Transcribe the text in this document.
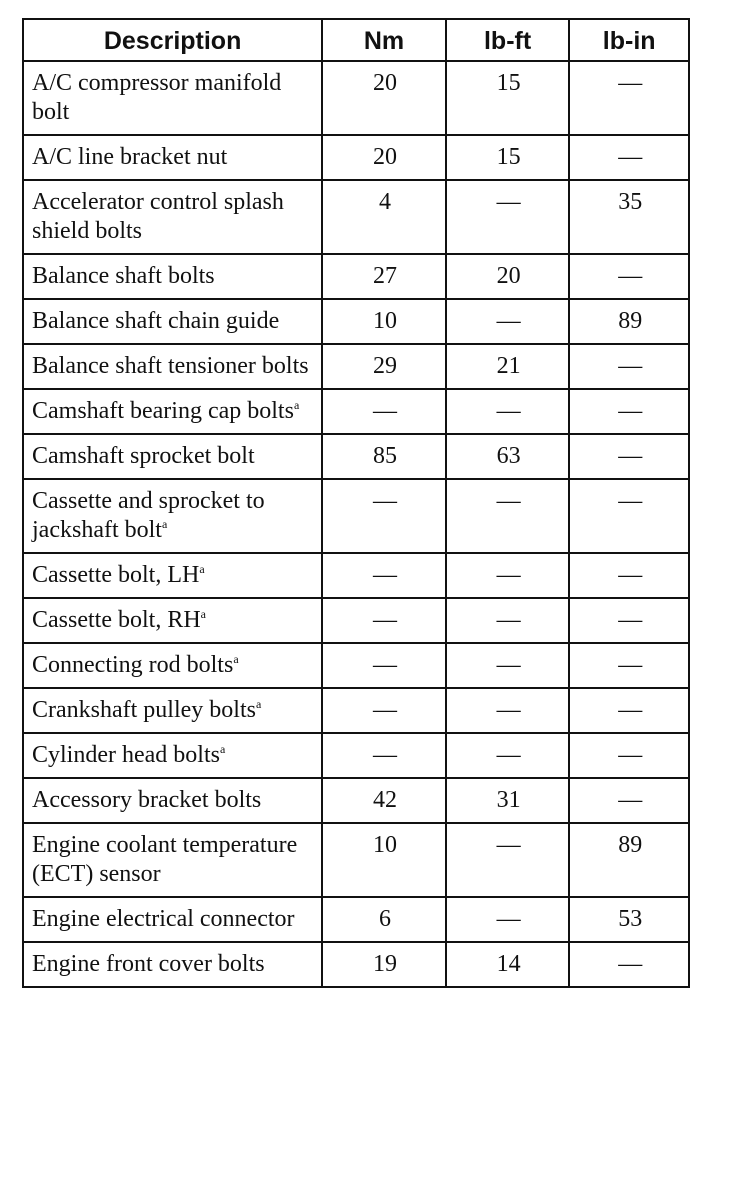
Description	Nm	lb-ft	lb-in
A/C compressor manifold bolt	20	15	—
A/C line bracket nut	20	15	—
Accelerator control splash shield bolts	4	—	35
Balance shaft bolts	27	20	—
Balance shaft chain guide	10	—	89
Balance shaft tensioner bolts	29	21	—
Camshaft bearing cap bolts$^a$	—	—	—
Camshaft sprocket bolt	85	63	—
Cassette and sprocket to jackshaft bolt$^a$	—	—	—
Cassette bolt, LH$^a$	—	—	—
Cassette bolt, RH$^a$	—	—	—
Connecting rod bolts$^a$	—	—	—
Crankshaft pulley bolts$^a$	—	—	—
Cylinder head bolts$^a$	—	—	—
Accessory bracket bolts	42	31	—
Engine coolant temperature (ECT) sensor	10	—	89
Engine electrical connector	6	—	53
Engine front cover bolts	19	14	—
